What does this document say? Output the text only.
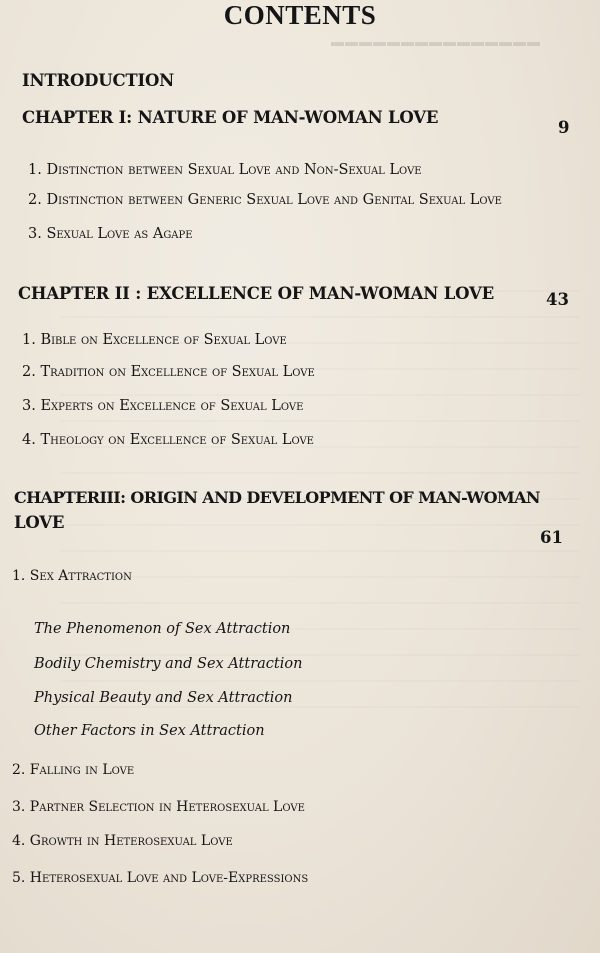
▬▬▬▬▬▬▬▬▬▬▬▬▬▬▬
CONTENTS
INTRODUCTION
CHAPTER I: NATURE OF MAN-WOMAN LOVE
9
1. Distinction between Sexual Love and Non-Sexual Love
2. Distinction between Generic Sexual Love and Genital Sexual Love
3. Sexual Love as Agape
CHAPTER II : EXCELLENCE OF MAN-WOMAN LOVE	43
1. Bible on Excellence of Sexual Love
2. Tradition on Excellence of Sexual Love
3. Experts on Excellence of Sexual Love
4. Theology on Excellence of Sexual Love
CHAPTERIII: ORIGIN AND DEVELOPMENT OF MAN-WOMAN
LOVE
61
1. Sex Attraction
The Phenomenon of Sex Attraction
Bodily Chemistry and Sex Attraction
Physical Beauty and Sex Attraction
Other Factors in Sex Attraction
2. Falling in Love
3. Partner Selection in Heterosexual Love
4. Growth in Heterosexual Love
5. Heterosexual Love and Love-Expressions
